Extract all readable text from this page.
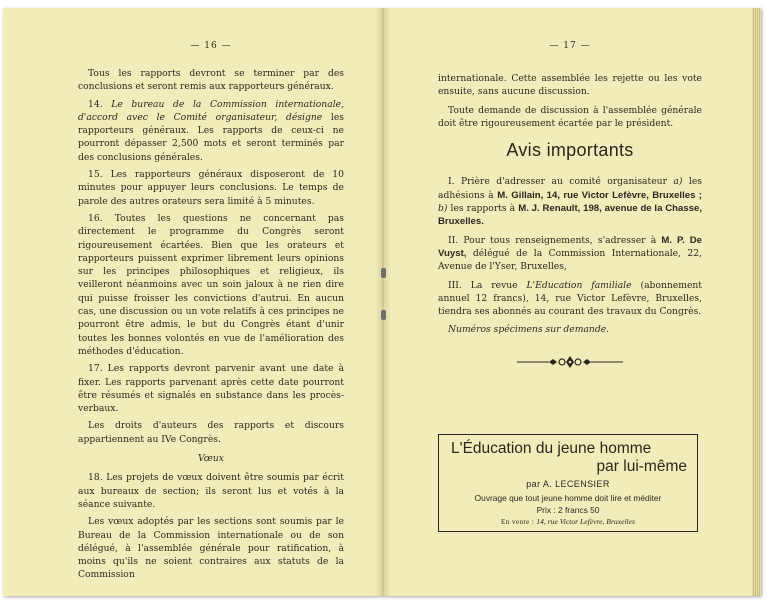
— 16 —

Tous les rapports devront se terminer par des conclusions et seront remis aux rapporteurs généraux.

14. Le bureau de la Commission internationale, d'accord avec le Comité organisateur, désigne les rapporteurs généraux. Les rapports de ceux-ci ne pourront dépasser 2,500 mots et seront terminés par des conclusions générales.

15. Les rapporteurs généraux disposeront de 10 minutes pour appuyer leurs conclusions. Le temps de parole des autres orateurs sera limité à 5 minutes.

16. Toutes les questions ne concernant pas directement le programme du Congrès seront rigoureusement écartées. Bien que les orateurs et rapporteurs puissent exprimer librement leurs opinions sur les principes philosophiques et religieux, ils veilleront néanmoins avec un soin jaloux à ne rien dire qui puisse froisser les convictions d'autrui. En aucun cas, une discussion ou un vote relatifs à ces principes ne pourront être admis, le but du Congrès étant d'unir toutes les bonnes volontés en vue de l'amélioration des méthodes d'éducation.

17. Les rapports devront parvenir avant une date à fixer. Les rapports parvenant après cette date pourront être résumés et signalés en substance dans les procès-verbaux.

Les droits d'auteurs des rapports et discours appartiennent au IVe Congrès.

Vœux

18. Les projets de vœux doivent être soumis par écrit aux bureaux de section; ils seront lus et votés à la séance suivante.

Les vœux adoptés par les sections sont soumis par le Bureau de la Commission internationale ou de son délégué, à l'assemblée générale pour ratification, à moins qu'ils ne soient contraires aux statuts de la Commission

— 17 —

internationale. Cette assemblée les rejette ou les vote ensuite, sans aucune discussion.

Toute demande de discussion à l'assemblée générale doit être rigoureusement écartée par le président.

Avis importants

I. Prière d'adresser au comité organisateur a) les adhésions à M. Gillain, 14, rue Victor Lefèvre, Bruxelles ; b) les rapports à M. J. Renault, 198, avenue de la Chasse, Bruxelles.

II. Pour tous renseignements, s'adresser à M. P. De Vuyst, délégué de la Commission Internationale, 22, Avenue de l'Yser, Bruxelles,

III. La revue L'Education familiale (abonnement annuel 12 francs), 14, rue Victor Lefèvre, Bruxelles, tiendra ses abonnés au courant des travaux du Congrès.

Numéros spécimens sur demande.

L'Éducation du jeune homme
par lui-même
par A. LECENSIER
Ouvrage que tout jeune homme doit lire et méditer
Prix : 2 francs 50
En vente : 14, rue Victor Lefèvre, Bruxelles
